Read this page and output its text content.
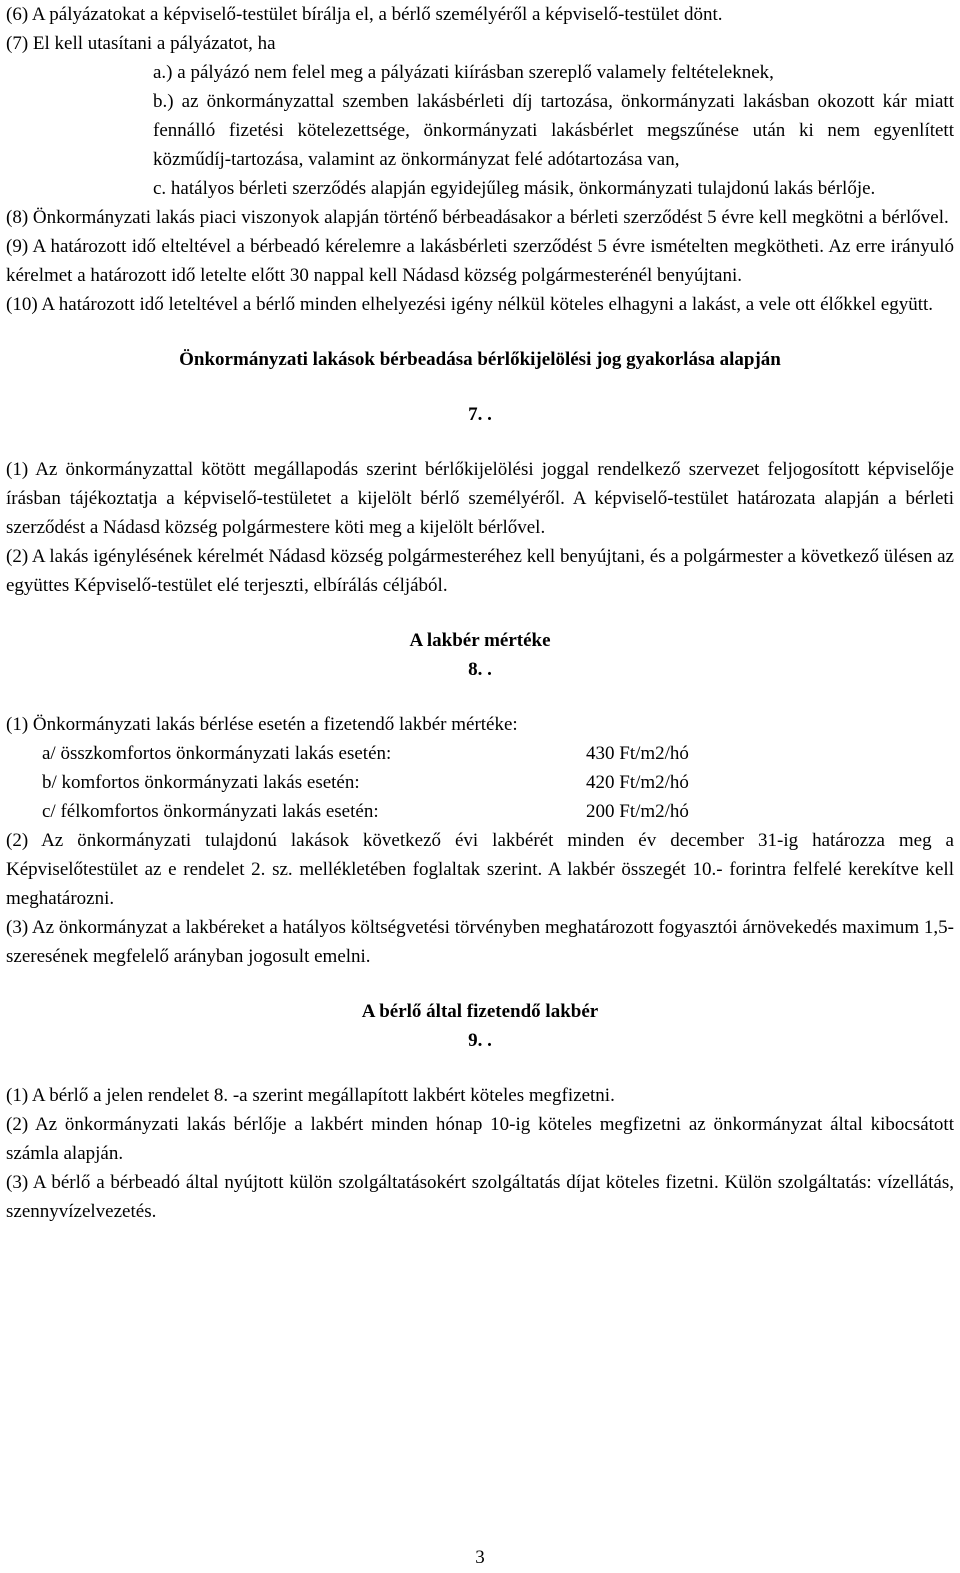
(6) A pályázatokat a képviselő-testület bírálja el, a bérlő személyéről a képviselő-testület dönt.

(7) El kell utasítani a pályázatot, ha

a.) a pályázó nem felel meg a pályázati kiírásban szereplő valamely feltételeknek,

b.) az önkormányzattal szemben lakásbérleti díj tartozása, önkormányzati lakásban okozott kár miatt fennálló fizetési kötelezettsége, önkormányzati lakásbérlet megszűnése után ki nem egyenlített közműdíj-tartozása, valamint az önkormányzat felé adótartozása van,

c. hatályos bérleti szerződés alapján egyidejűleg másik, önkormányzati tulajdonú lakás bérlője.

(8) Önkormányzati lakás piaci viszonyok alapján történő bérbeadásakor a bérleti szerződést 5 évre kell megkötni a bérlővel.

(9) A határozott idő elteltével a bérbeadó kérelemre a lakásbérleti szerződést 5 évre ismételten megkötheti. Az erre irányuló kérelmet a határozott idő letelte előtt 30 nappal kell Nádasd község polgármesterénél benyújtani.

(10) A határozott idő leteltével a bérlő minden elhelyezési igény nélkül köteles elhagyni a lakást, a vele ott élőkkel együtt.

Önkormányzati lakások bérbeadása bérlőkijelölési jog gyakorlása alapján

7. .

(1) Az önkormányzattal kötött megállapodás szerint bérlőkijelölési joggal rendelkező szervezet feljogosított képviselője írásban tájékoztatja a képviselő-testületet a kijelölt bérlő személyéről. A képviselő-testület határozata alapján a bérleti szerződést a Nádasd község polgármestere köti meg a kijelölt bérlővel.

(2) A lakás igénylésének kérelmét Nádasd község polgármesteréhez kell benyújtani, és a polgármester a következő ülésen az együttes Képviselő-testület elé terjeszti, elbírálás céljából.

A lakbér mértéke

8. .

(1) Önkormányzati lakás bérlése esetén a fizetendő lakbér mértéke:

a/ összkomfortos önkormányzati lakás esetén:	430 Ft/m2/hó
b/ komfortos önkormányzati lakás esetén:	420 Ft/m2/hó
c/ félkomfortos önkormányzati lakás esetén:	200 Ft/m2/hó

(2) Az önkormányzati tulajdonú lakások következő évi lakbérét minden év december 31-ig határozza meg a Képviselőtestület az e rendelet 2. sz. mellékletében foglaltak szerint. A lakbér összegét 10.- forintra felfelé kerekítve kell meghatározni.

(3) Az önkormányzat a lakbéreket a hatályos költségvetési törvényben meghatározott fogyasztói árnövekedés maximum 1,5-szeresének megfelelő arányban jogosult emelni.

A bérlő által fizetendő lakbér

9. .

(1) A bérlő a jelen rendelet 8. -a szerint megállapított lakbért köteles megfizetni.

(2) Az önkormányzati lakás bérlője a lakbért minden hónap 10-ig köteles megfizetni az önkormányzat által kibocsátott számla alapján.

(3) A bérlő a bérbeadó által nyújtott külön szolgáltatásokért szolgáltatás díjat köteles fizetni. Külön szolgáltatás: vízellátás, szennyvízelvezetés.

3
